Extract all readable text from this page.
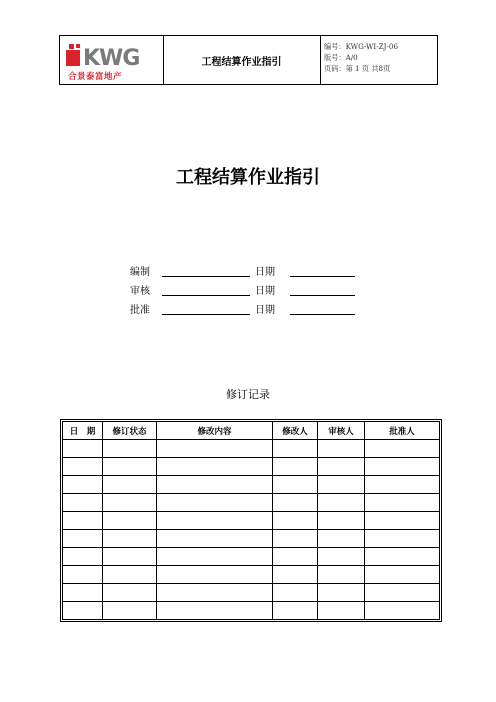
KWG
合景泰富地产
工程结算作业指引
编号：KWG-WI-ZJ-06
版号：A/0
页码：第 1 页 共8页
工程结算作业指引
编制	日期
审核	日期
批准	日期
修订记录
日　期	修订状态	修改内容	修改人	审核人	批准人
